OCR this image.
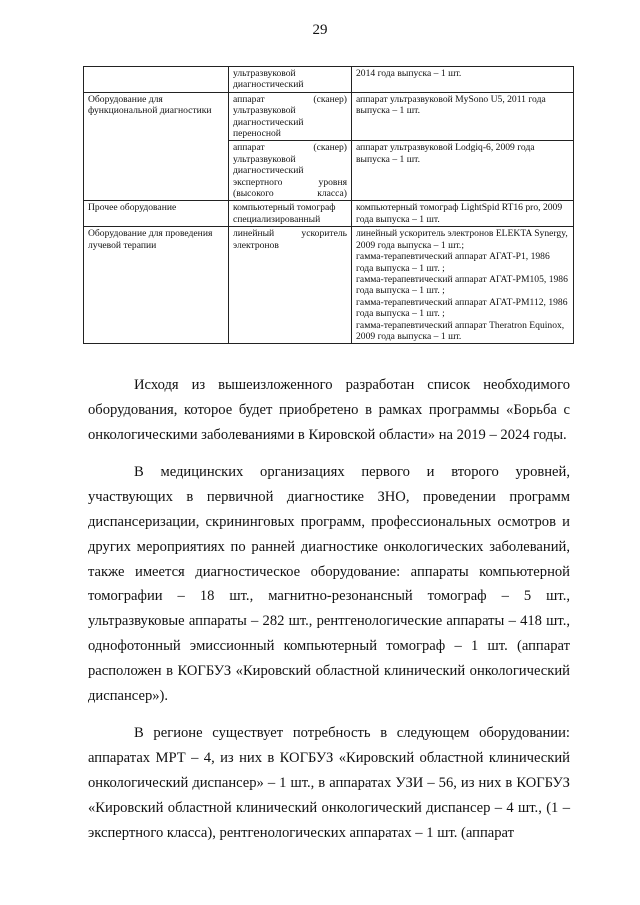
29
	ультразвуковой диагностический	2014 года выпуска – 1 шт.

Оборудование для функциональной диагностики	аппарат (сканер) ультразвуковой диагностический переносной	аппарат ультразвуковой MySono U5, 2011 года выпуска – 1 шт.

	аппарат (сканер) ультразвуковой диагностический экспертного уровня (высокого класса)	аппарат ультразвуковой Lodgiq-6, 2009 года выпуска – 1 шт.

Прочее оборудование	компьютерный томограф специализированный	компьютерный томограф LightSpid RT16 pro, 2009 года выпуска – 1 шт.

Оборудование для проведения лучевой терапии	линейный ускоритель электронов	линейный ускоритель электронов ELEKTA Synergy, 2009 года выпуска – 1 шт.;
гамма-терапевтический аппарат АГАТ-Р1, 1986 года выпуска – 1 шт. ;
гамма-терапевтический аппарат АГАТ-РМ105, 1986 года выпуска – 1 шт. ;
гамма-терапевтический аппарат АГАТ-РМ112, 1986 года выпуска – 1 шт. ;
гамма-терапевтический аппарат Theratron Equinox, 2009 года выпуска – 1 шт.

Исходя из вышеизложенного разработан список необходимого оборудования, которое будет приобретено в рамках программы «Борьба с онкологическими заболеваниями в Кировской области» на 2019 – 2024 годы.

В медицинских организациях первого и второго уровней, участвующих в первичной диагностике ЗНО, проведении программ диспансеризации, скрининговых программ, профессиональных осмотров и других мероприятиях по ранней диагностике онкологических заболеваний, также имеется диагностическое оборудование: аппараты компьютерной томографии – 18 шт., магнитно-резонансный томограф – 5 шт., ультразвуковые аппараты – 282 шт., рентгенологические аппараты – 418 шт., однофотонный эмиссионный компьютерный томограф – 1 шт. (аппарат расположен в КОГБУЗ «Кировский областной клинический онкологический диспансер»).

В регионе существует потребность в следующем оборудовании: аппаратах МРТ – 4, из них в КОГБУЗ «Кировский областной клинический онкологический диспансер» – 1 шт., в аппаратах УЗИ – 56, из них в КОГБУЗ «Кировский областной клинический онкологический диспансер – 4 шт., (1 – экспертного класса), рентгенологических аппаратах – 1 шт. (аппарат
